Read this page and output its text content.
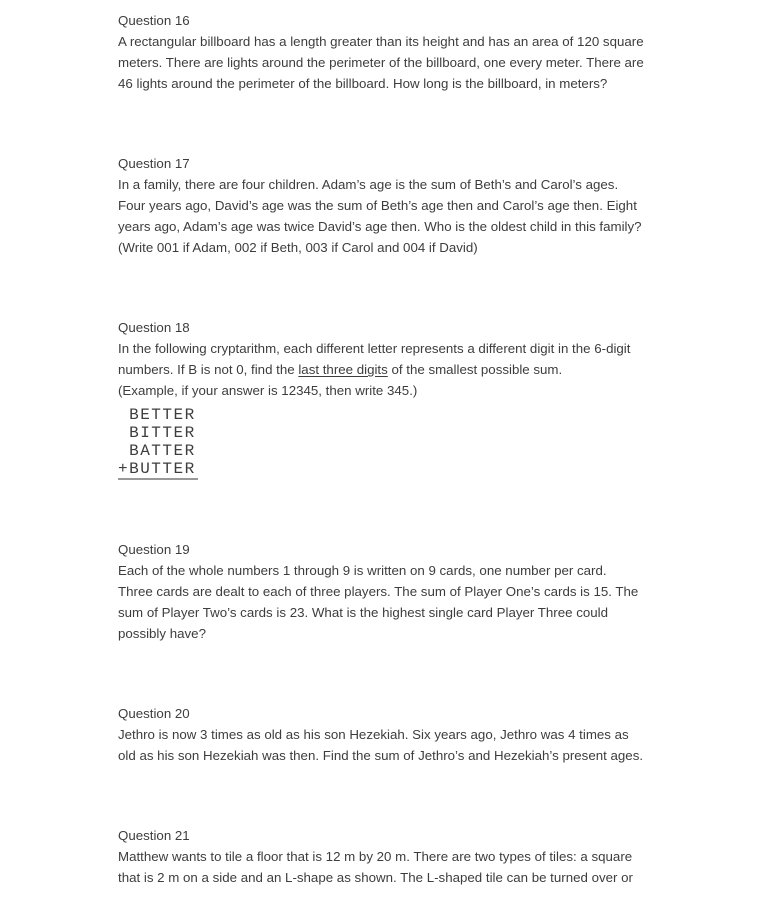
Question 16
A rectangular billboard has a length greater than its height and has an area of 120 square
meters. There are lights around the perimeter of the billboard, one every meter. There are
46 lights around the perimeter of the billboard. How long is the billboard, in meters?
Question 17
In a family, there are four children. Adam’s age is the sum of Beth’s and Carol’s ages.
Four years ago, David’s age was the sum of Beth’s age then and Carol’s age then. Eight
years ago, Adam’s age was twice David’s age then. Who is the oldest child in this family?
(Write 001 if Adam, 002 if Beth, 003 if Carol and 004 if David)
Question 18
In the following cryptarithm, each different letter represents a different digit in the 6-digit
numbers. If B is not 0, find the last three digits of the smallest possible sum.
(Example, if your answer is 12345, then write 345.)
BETTER
BITTER
BATTER
+BUTTER
Question 19
Each of the whole numbers 1 through 9 is written on 9 cards, one number per card.
Three cards are dealt to each of three players. The sum of Player One’s cards is 15. The
sum of Player Two’s cards is 23. What is the highest single card Player Three could
possibly have?
Question 20
Jethro is now 3 times as old as his son Hezekiah. Six years ago, Jethro was 4 times as
old as his son Hezekiah was then. Find the sum of Jethro’s and Hezekiah’s present ages.
Question 21
Matthew wants to tile a floor that is 12 m by 20 m. There are two types of tiles: a square
that is 2 m on a side and an L-shape as shown. The L-shaped tile can be turned over or
